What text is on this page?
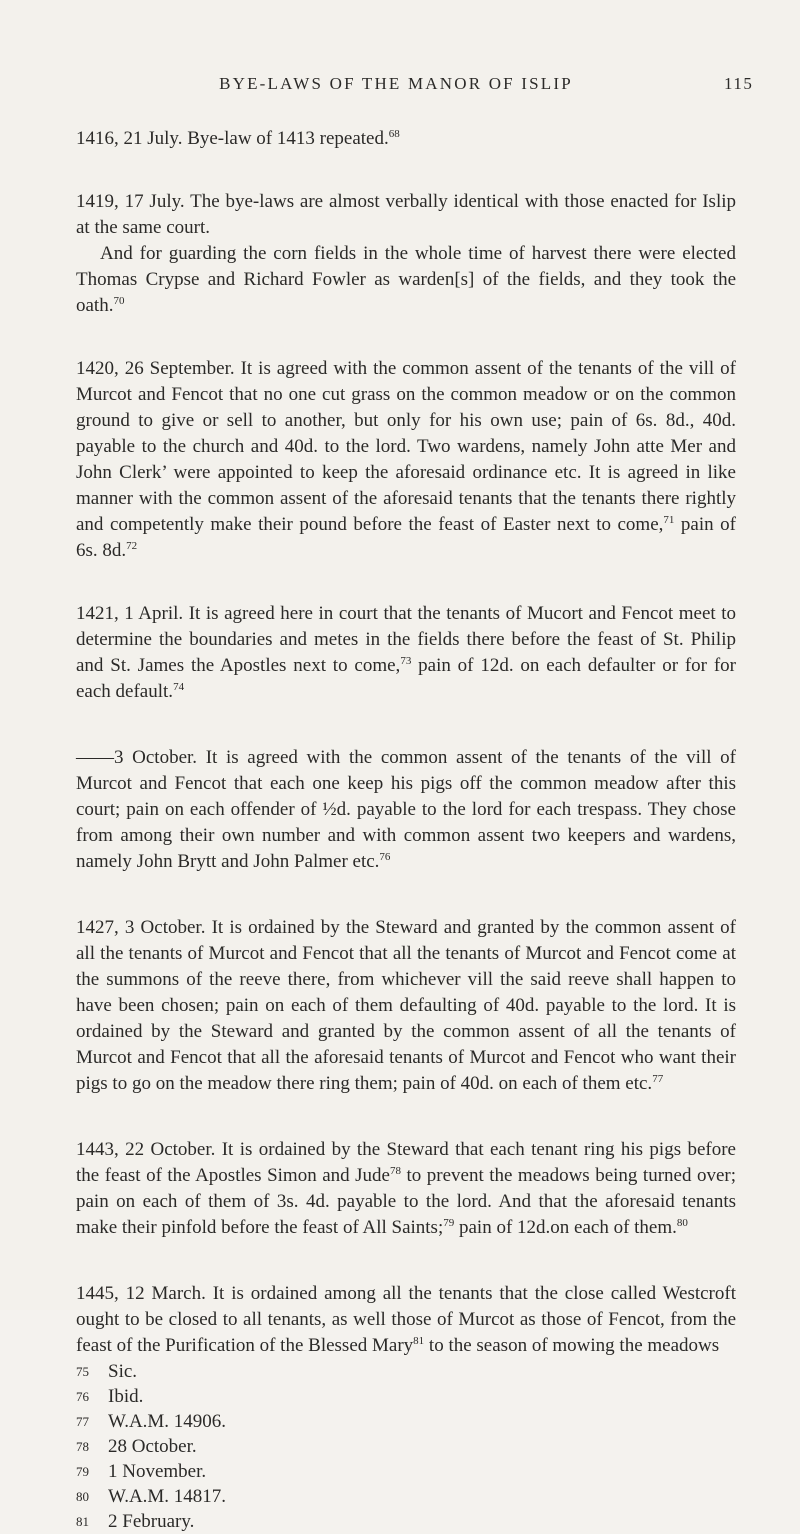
BYE-LAWS OF THE MANOR OF ISLIP	115

1416, 21 July. Bye-law of 1413 repeated.$^{68}$

1419, 17 July. The bye-laws are almost verbally identical with those enacted for Islip at the same court.

And for guarding the corn fields in the whole time of harvest there were elected Thomas Crypse and Richard Fowler as warden[s] of the fields, and they took the oath.$^{70}$

1420, 26 September. It is agreed with the common assent of the tenants of the vill of Murcot and Fencot that no one cut grass on the common meadow or on the common ground to give or sell to another, but only for his own use; pain of 6s. 8d., 40d. payable to the church and 40d. to the lord. Two wardens, namely John atte Mer and John Clerk’ were appointed to keep the aforesaid ordinance etc. It is agreed in like manner with the common assent of the aforesaid tenants that the tenants there rightly and competently make their pound before the feast of Easter next to come,$^{71}$ pain of 6s. 8d.$^{72}$

1421, 1 April. It is agreed here in court that the tenants of Mucort and Fencot meet to determine the boundaries and metes in the fields there before the feast of St. Philip and St. James the Apostles next to come,$^{73}$ pain of 12d. on each defaulter or for for each default.$^{74}$

——3 October. It is agreed with the common assent of the tenants of the vill of Murcot and Fencot that each one keep his pigs off the common meadow after this court; pain on each offender of ½d. payable to the lord for each trespass. They chose from among their own number and with common assent two keepers and wardens, namely John Brytt and John Palmer etc.$^{76}$

1427, 3 October. It is ordained by the Steward and granted by the common assent of all the tenants of Murcot and Fencot that all the tenants of Murcot and Fencot come at the summons of the reeve there, from whichever vill the said reeve shall happen to have been chosen; pain on each of them defaulting of 40d. payable to the lord. It is ordained by the Steward and granted by the common assent of all the tenants of Murcot and Fencot that all the aforesaid tenants of Murcot and Fencot who want their pigs to go on the meadow there ring them; pain of 40d. on each of them etc.$^{77}$

1443, 22 October. It is ordained by the Steward that each tenant ring his pigs before the feast of the Apostles Simon and Jude$^{78}$ to prevent the meadows being turned over; pain on each of them of 3s. 4d. payable to the lord. And that the aforesaid tenants make their pinfold before the feast of All Saints;$^{79}$ pain of 12d.on each of them.$^{80}$

1445, 12 March. It is ordained among all the tenants that the close called Westcroft ought to be closed to all tenants, as well those of Murcot as those of Fencot, from the feast of the Purification of the Blessed Mary$^{81}$ to the season of mowing the meadows

75	Sic.
76	Ibid.
77	W.A.M. 14906.
78	28 October.
79	1 November.
80	W.A.M. 14817.
81	2 February.
